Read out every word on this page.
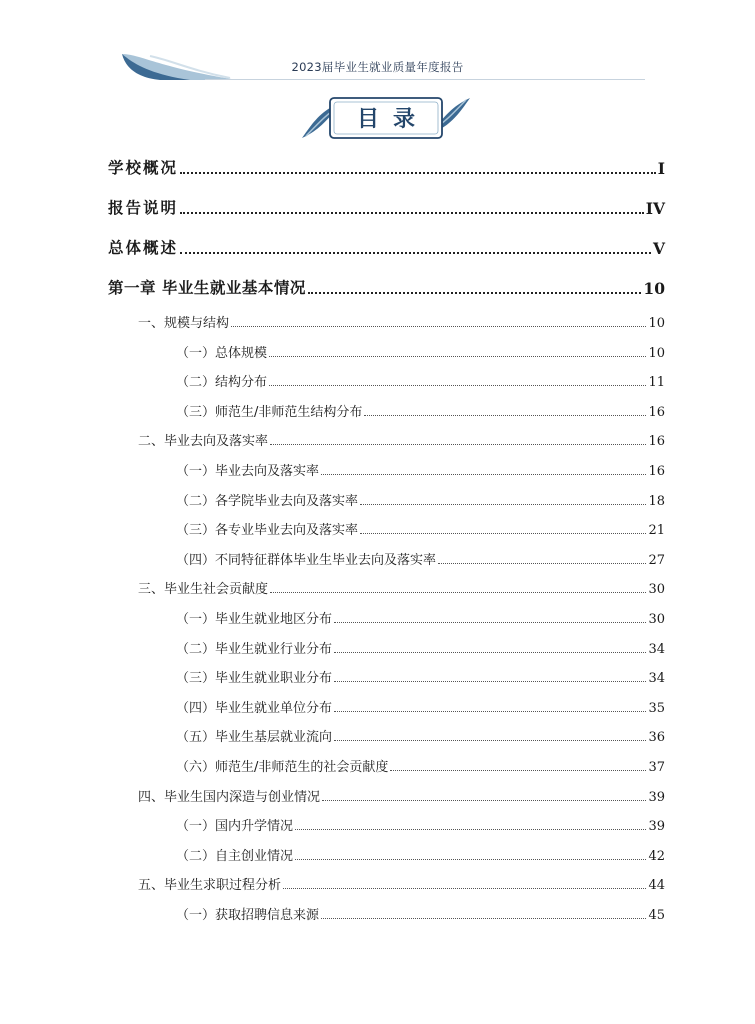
2023届毕业生就业质量年度报告
目录
学校概况	I
报告说明	IV
总体概述	V
第一章 毕业生就业基本情况	10
一、规模与结构	10
（一）总体规模	10
（二）结构分布	11
（三）师范生/非师范生结构分布	16
二、毕业去向及落实率	16
（一）毕业去向及落实率	16
（二）各学院毕业去向及落实率	18
（三）各专业毕业去向及落实率	21
（四）不同特征群体毕业生毕业去向及落实率	27
三、毕业生社会贡献度	30
（一）毕业生就业地区分布	30
（二）毕业生就业行业分布	34
（三）毕业生就业职业分布	34
（四）毕业生就业单位分布	35
（五）毕业生基层就业流向	36
（六）师范生/非师范生的社会贡献度	37
四、毕业生国内深造与创业情况	39
（一）国内升学情况	39
（二）自主创业情况	42
五、毕业生求职过程分析	44
（一）获取招聘信息来源	45
